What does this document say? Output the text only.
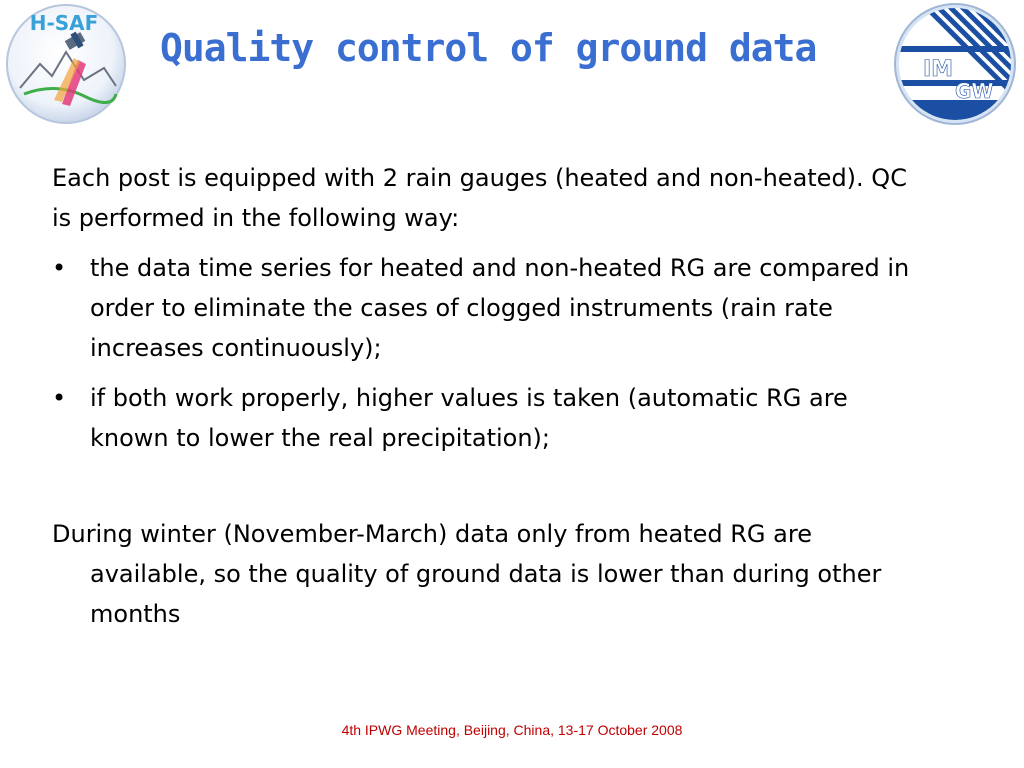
H-SAF
Quality control of ground data	IM
GW

Each post is equipped with 2 rain gauges (heated and non-heated). QC is performed in the following way:

• the data time series for heated and non-heated RG are compared in order to eliminate the cases of clogged instruments (rain rate increases continuously);
• if both work properly, higher values is taken (automatic RG are known to lower the real precipitation);

During winter (November-March) data only from heated RG are available, so the quality of ground data is lower than during other months

4th IPWG Meeting, Beijing, China, 13-17 October 2008
